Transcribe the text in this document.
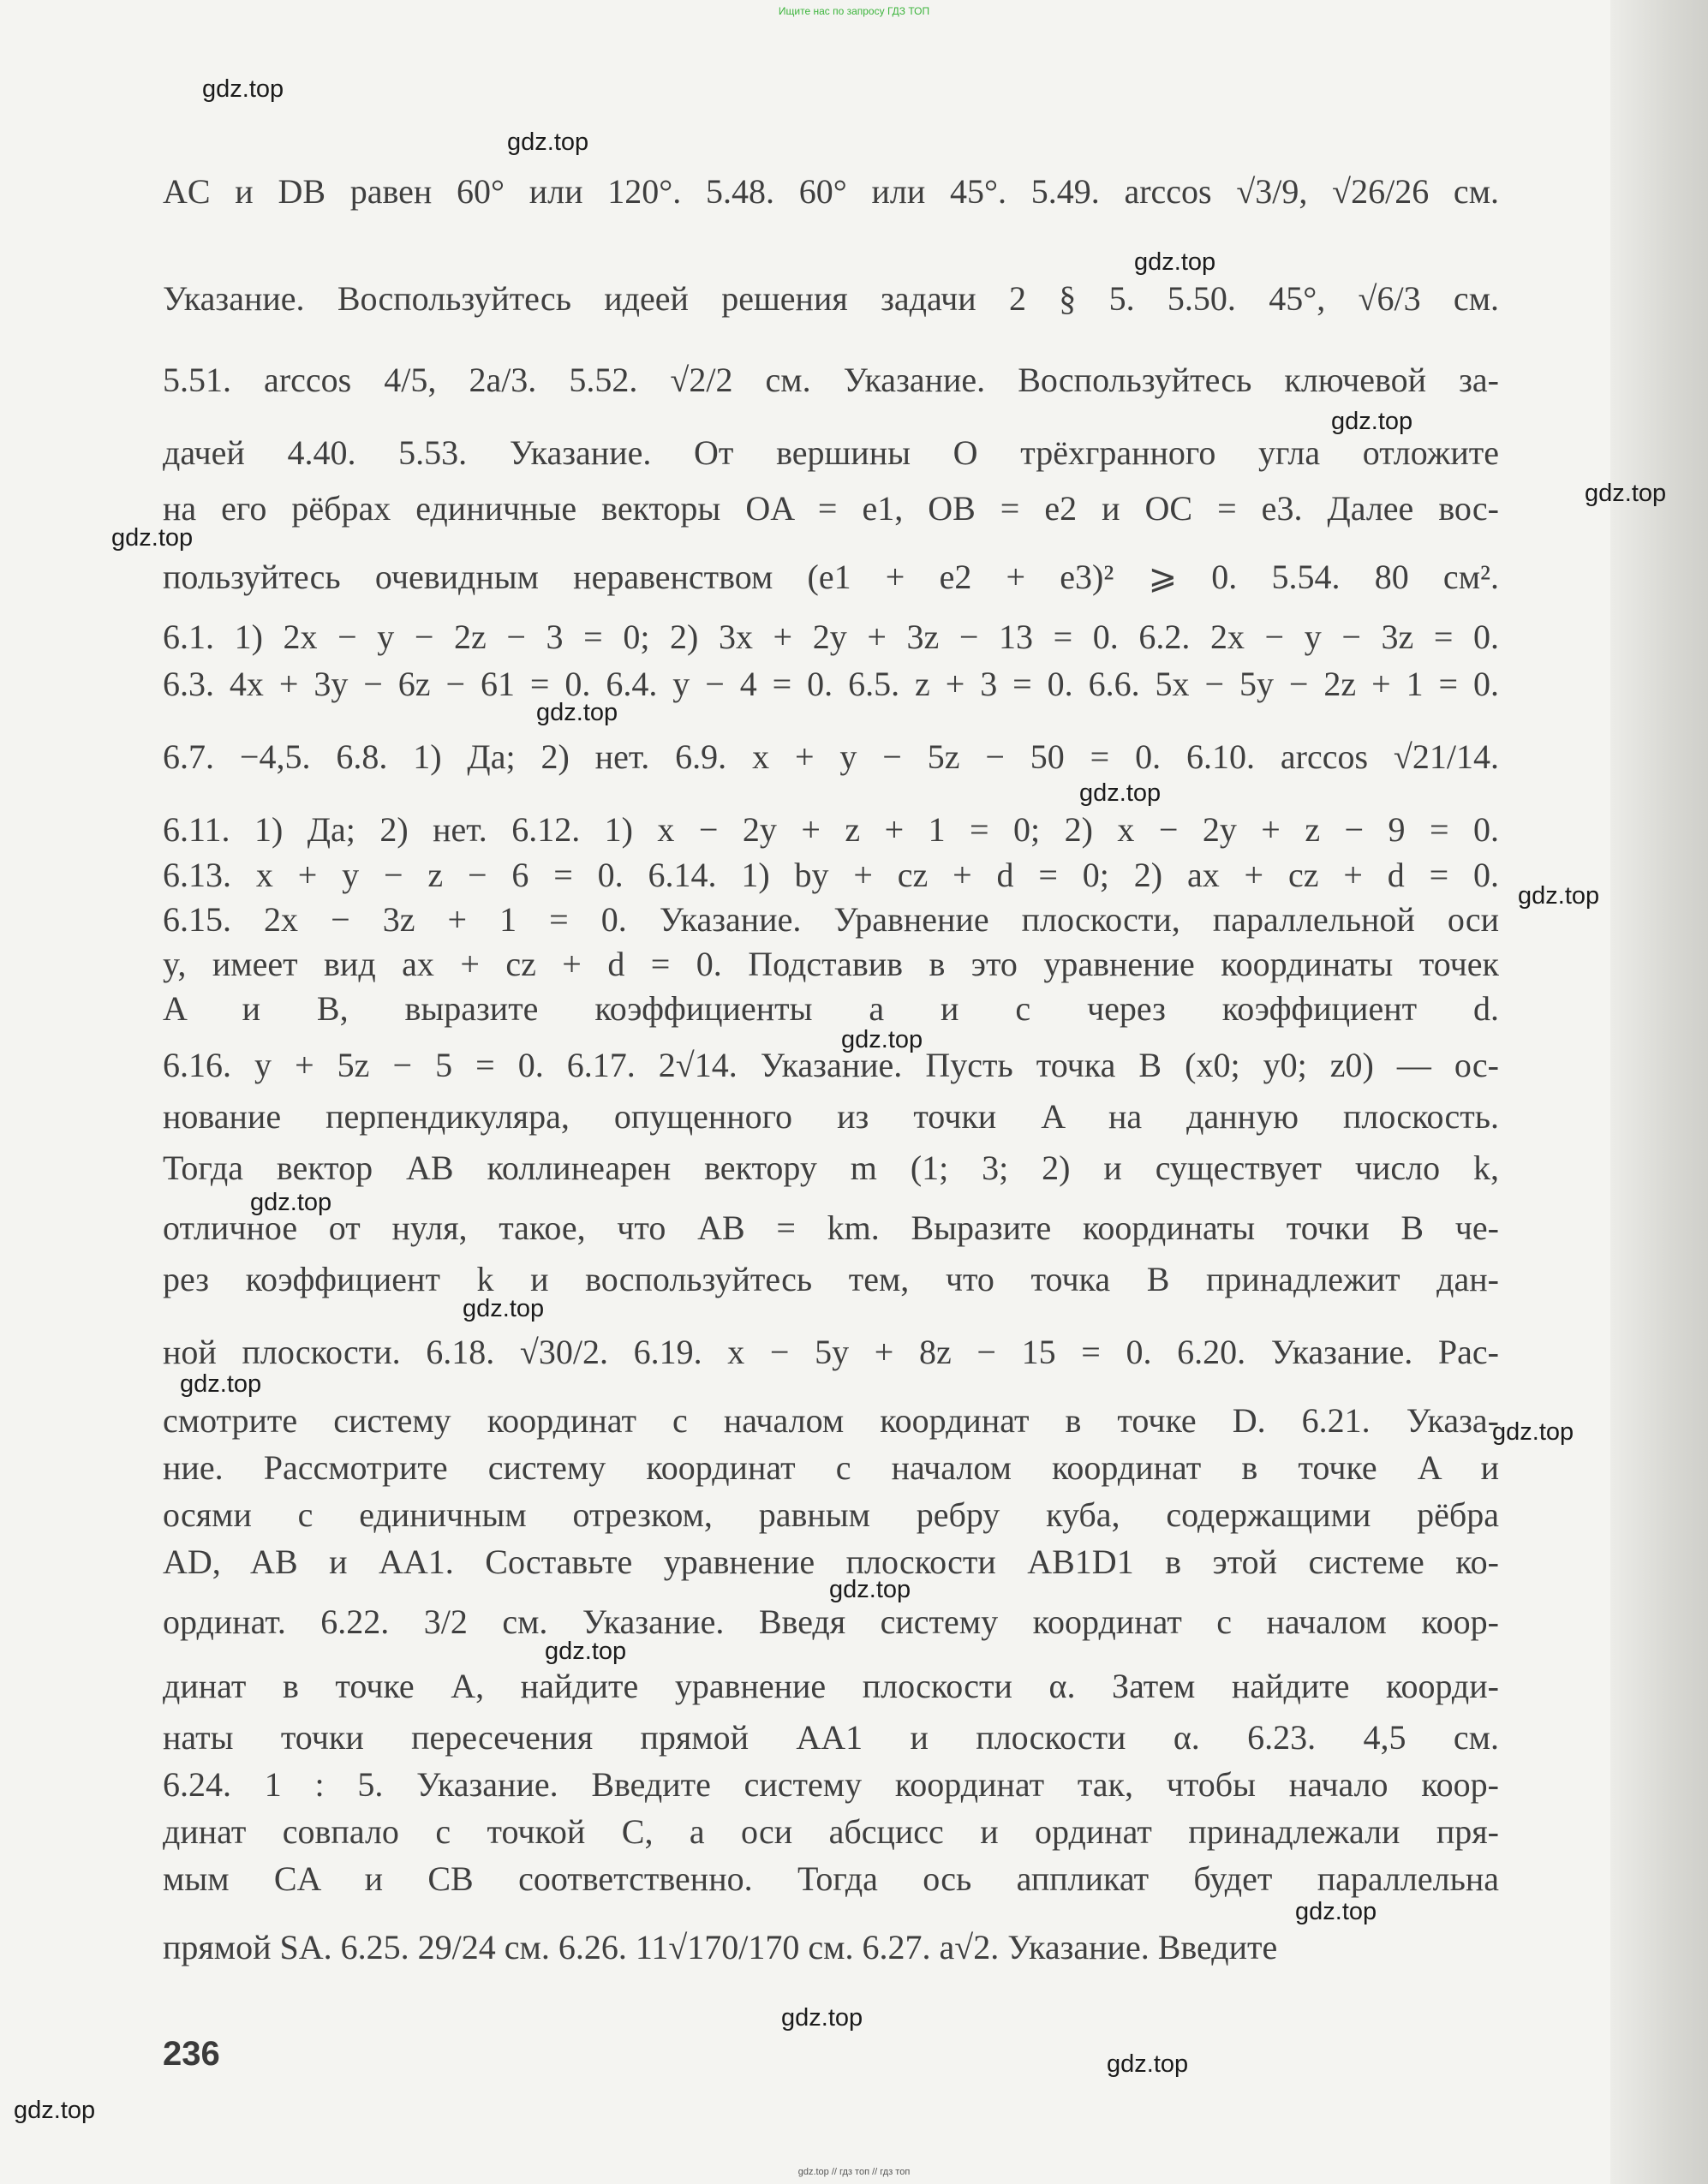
Ищите нас по запросу ГДЗ ТОП
gdz.top
gdz.top
gdz.top
gdz.top
gdz.top
gdz.top
gdz.top
gdz.top
gdz.top
gdz.top
gdz.top
gdz.top
gdz.top
gdz.top
gdz.top
gdz.top
gdz.top
gdz.top
gdz.top
gdz.top
AC и DB равен 60° или 120°. 5.48. 60° или 45°. 5.49. arccos √3/9, √26/26 см.
Указание. Воспользуйтесь идеей решения задачи 2 § 5. 5.50. 45°, √6/3 см.
5.51. arccos 4/5, 2a/3. 5.52. √2/2 см. Указание. Воспользуйтесь ключевой за-
дачей 4.40. 5.53. Указание. От вершины O трёхгранного угла отложите
на его рёбрах единичные векторы OA = e1, OB = e2 и OC = e3. Далее вос-
пользуйтесь очевидным неравенством (e1 + e2 + e3)² ⩾ 0. 5.54. 80 см².
6.1. 1) 2x − y − 2z − 3 = 0; 2) 3x + 2y + 3z − 13 = 0. 6.2. 2x − y − 3z = 0.
6.3. 4x + 3y − 6z − 61 = 0. 6.4. y − 4 = 0. 6.5. z + 3 = 0. 6.6. 5x − 5y − 2z + 1 = 0.
6.7. −4,5. 6.8. 1) Да; 2) нет. 6.9. x + y − 5z − 50 = 0. 6.10. arccos √21/14.
6.11. 1) Да; 2) нет. 6.12. 1) x − 2y + z + 1 = 0; 2) x − 2y + z − 9 = 0.
6.13. x + y − z − 6 = 0. 6.14. 1) by + cz + d = 0; 2) ax + cz + d = 0.
6.15. 2x − 3z + 1 = 0. Указание. Уравнение плоскости, параллельной оси
y, имеет вид ax + cz + d = 0. Подставив в это уравнение координаты точек
A и B, выразите коэффициенты a и c через коэффициент d.
6.16. y + 5z − 5 = 0. 6.17. 2√14. Указание. Пусть точка B (x0; y0; z0) — ос-
нование перпендикуляра, опущенного из точки A на данную плоскость.
Тогда вектор AB коллинеарен вектору m (1; 3; 2) и существует число k,
отличное от нуля, такое, что AB = km. Выразите координаты точки B че-
рез коэффициент k и воспользуйтесь тем, что точка B принадлежит дан-
ной плоскости. 6.18. √30/2. 6.19. x − 5y + 8z − 15 = 0. 6.20. Указание. Рас-
смотрите систему координат с началом координат в точке D. 6.21. Указа-
ние. Рассмотрите систему координат с началом координат в точке A и
осями с единичным отрезком, равным ребру куба, содержащими рёбра
AD, AB и AA1. Составьте уравнение плоскости AB1D1 в этой системе ко-
ординат. 6.22. 3/2 см. Указание. Введя систему координат с началом коор-
динат в точке A, найдите уравнение плоскости α. Затем найдите коорди-
наты точки пересечения прямой AA1 и плоскости α. 6.23. 4,5 см.
6.24. 1 : 5. Указание. Введите систему координат так, чтобы начало коор-
динат совпало с точкой C, а оси абсцисс и ординат принадлежали пря-
мым CA и CB соответственно. Тогда ось аппликат будет параллельна
прямой SA. 6.25. 29/24 см. 6.26. 11√170/170 см. 6.27. a√2. Указание. Введите
236
gdz.top // гдз топ // гдз топ
